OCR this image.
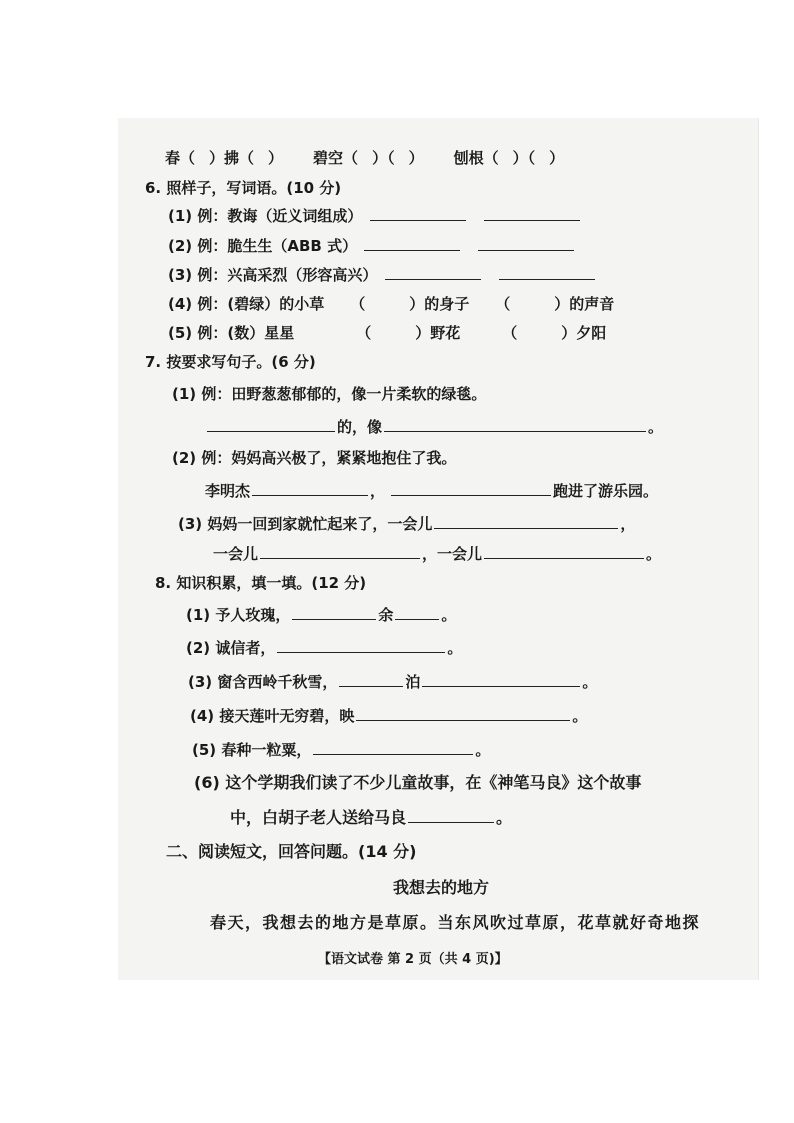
春（ ）拂（ ） 碧空（ ）（ ） 刨根（ ）（ ）
6. 照样子，写词语。(10 分)
(1) 例：教诲（近义词组成）
(2) 例：脆生生（ABB 式）
(3) 例：兴高采烈（形容高兴）
(4) 例：(碧绿）的小草 （	）的身子 （	）的声音
(5) 例：(数）星星	（	）野花	（	）夕阳
7. 按要求写句子。(6 分)
(1) 例：田野葱葱郁郁的，像一片柔软的绿毯。
的，像	。
(2) 例：妈妈高兴极了，紧紧地抱住了我。
李明杰	，	跑进了游乐园。
(3) 妈妈一回到家就忙起来了，一会儿	，
一会儿	，一会儿	。
8. 知识积累，填一填。(12 分)
(1) 予人玫瑰，	余	。
(2) 诚信者，	。
(3) 窗含西岭千秋雪，	泊	。
(4) 接天莲叶无穷碧，映	。
(5) 春种一粒粟，	。
(6) 这个学期我们读了不少儿童故事，在《神笔马良》这个故事
中，白胡子老人送给马良	。
二、阅读短文，回答问题。(14 分)
我想去的地方
春天，我想去的地方是草原。当东风吹过草原，花草就好奇地探
【语文试卷 第 2 页（共 4 页)】
